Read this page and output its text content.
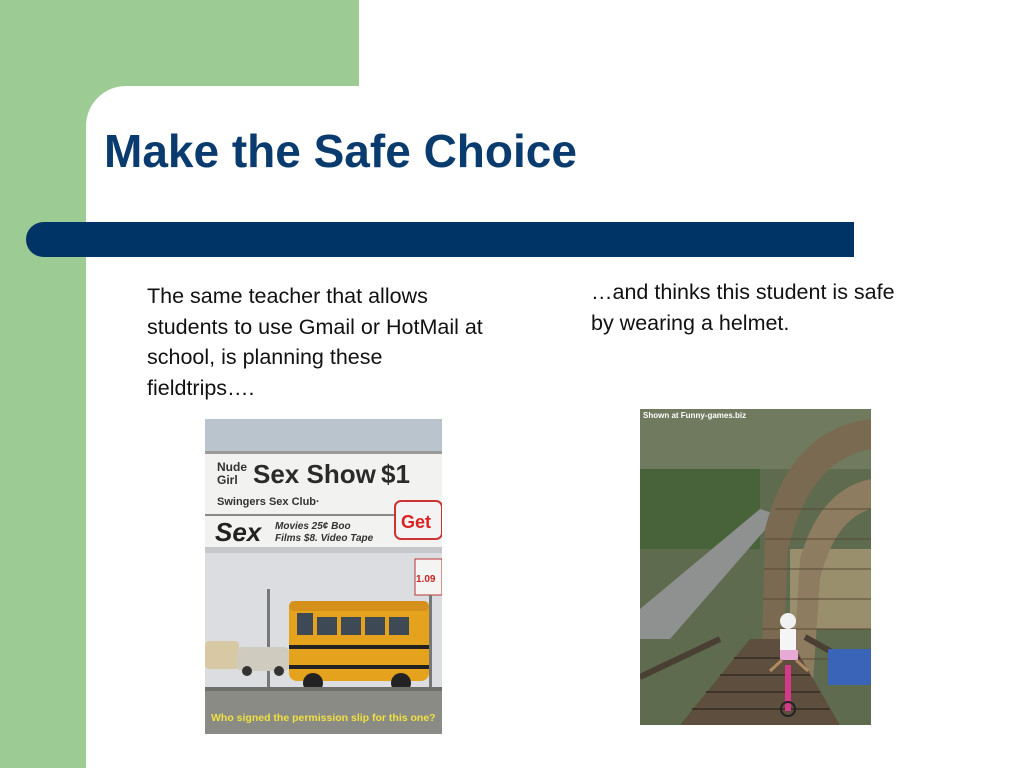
Make the Safe Choice
The same teacher that allows students to use Gmail or HotMail at school, is planning these fieldtrips….
…and thinks this student is safe by wearing a helmet.
Nude
Girl Sex Show $1
Swingers Sex Club·
Sex Movies 25¢ Boo
Films $8. Video Tape
Get
1.09
Who signed the permission slip for this one?
Shown at Funny-games.biz
